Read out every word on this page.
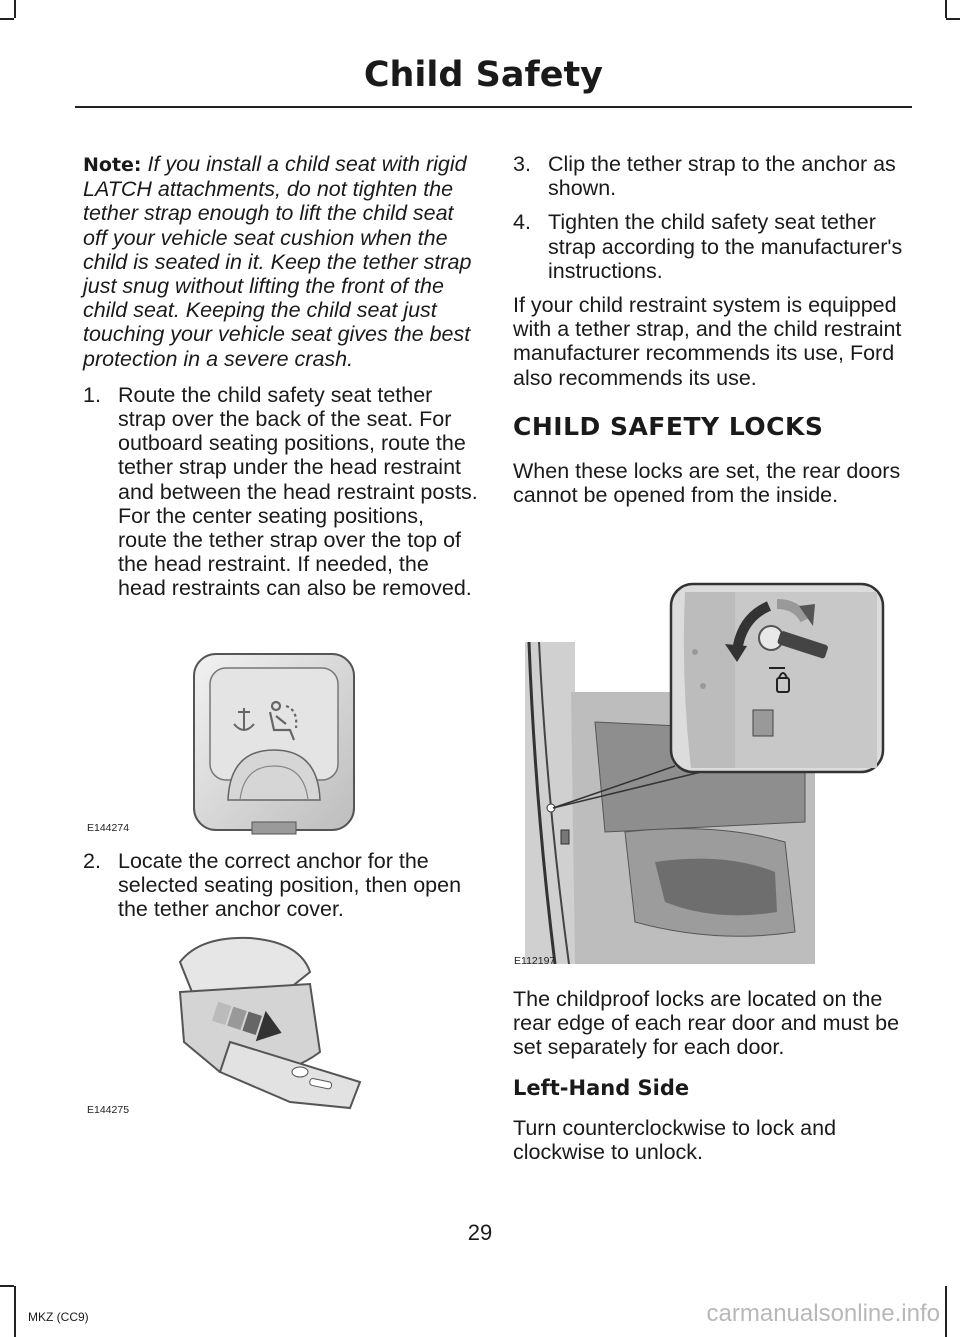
Child Safety

Note: If you install a child seat with rigid LATCH attachments, do not tighten the tether strap enough to lift the child seat off your vehicle seat cushion when the child is seated in it. Keep the tether strap just snug without lifting the front of the child seat. Keeping the child seat just touching your vehicle seat gives the best protection in a severe crash.

1. Route the child safety seat tether strap over the back of the seat. For outboard seating positions, route the tether strap under the head restraint and between the head restraint posts. For the center seating positions, route the tether strap over the top of the head restraint. If needed, the head restraints can also be removed.
E144274
2. Locate the correct anchor for the selected seating position, then open the tether anchor cover.
E144275
3. Clip the tether strap to the anchor as shown.
4. Tighten the child safety seat tether strap according to the manufacturer's instructions.

If your child restraint system is equipped with a tether strap, and the child restraint manufacturer recommends its use, Ford also recommends its use.

CHILD SAFETY LOCKS

When these locks are set, the rear doors cannot be opened from the inside.

E112197

The childproof locks are located on the rear edge of each rear door and must be set separately for each door.

Left-Hand Side

Turn counterclockwise to lock and clockwise to unlock.

29
MKZ (CC9)	carmanualsonline.info
